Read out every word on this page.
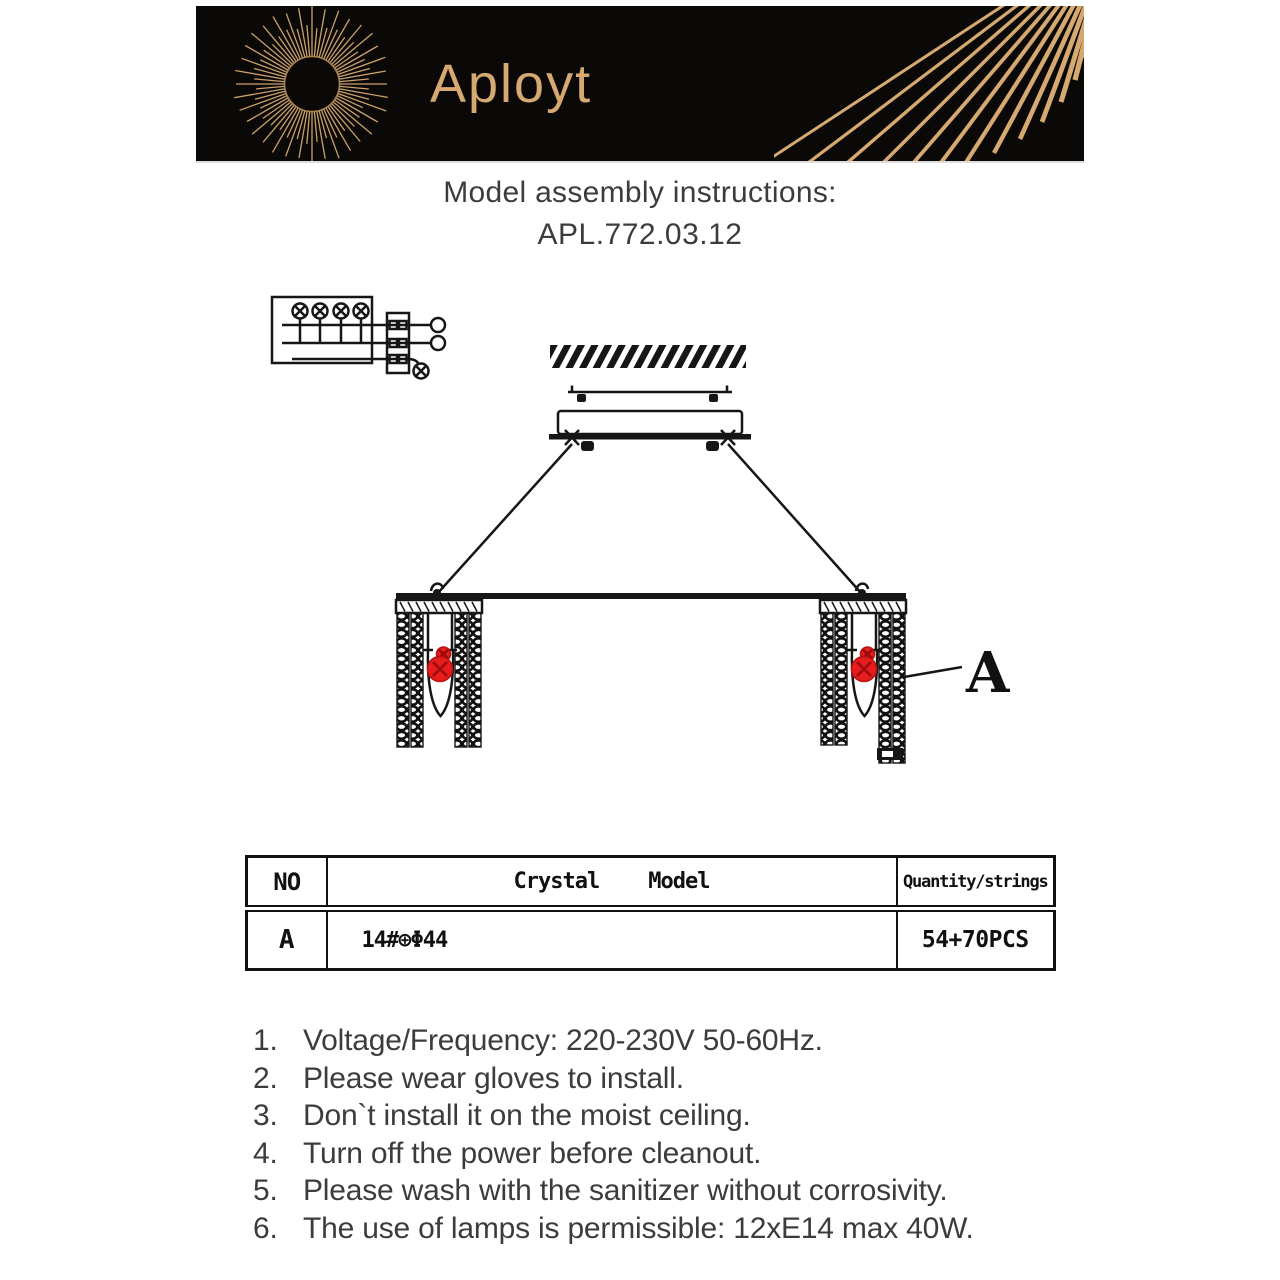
Aployt
Model assembly instructions:
APL.772.03.12
A
NO	Crystal    Model	Quantity/strings
A	14#⊕Φ44	54+70PCS
1. Voltage/Frequency: 220-230V 50-60Hz.
2. Please wear gloves to install.
3. Don`t install it on the moist ceiling.
4. Turn off the power before cleanout.
5. Please wash with the sanitizer without corrosivity.
6. The use of lamps is permissible: 12xE14 max 40W.
